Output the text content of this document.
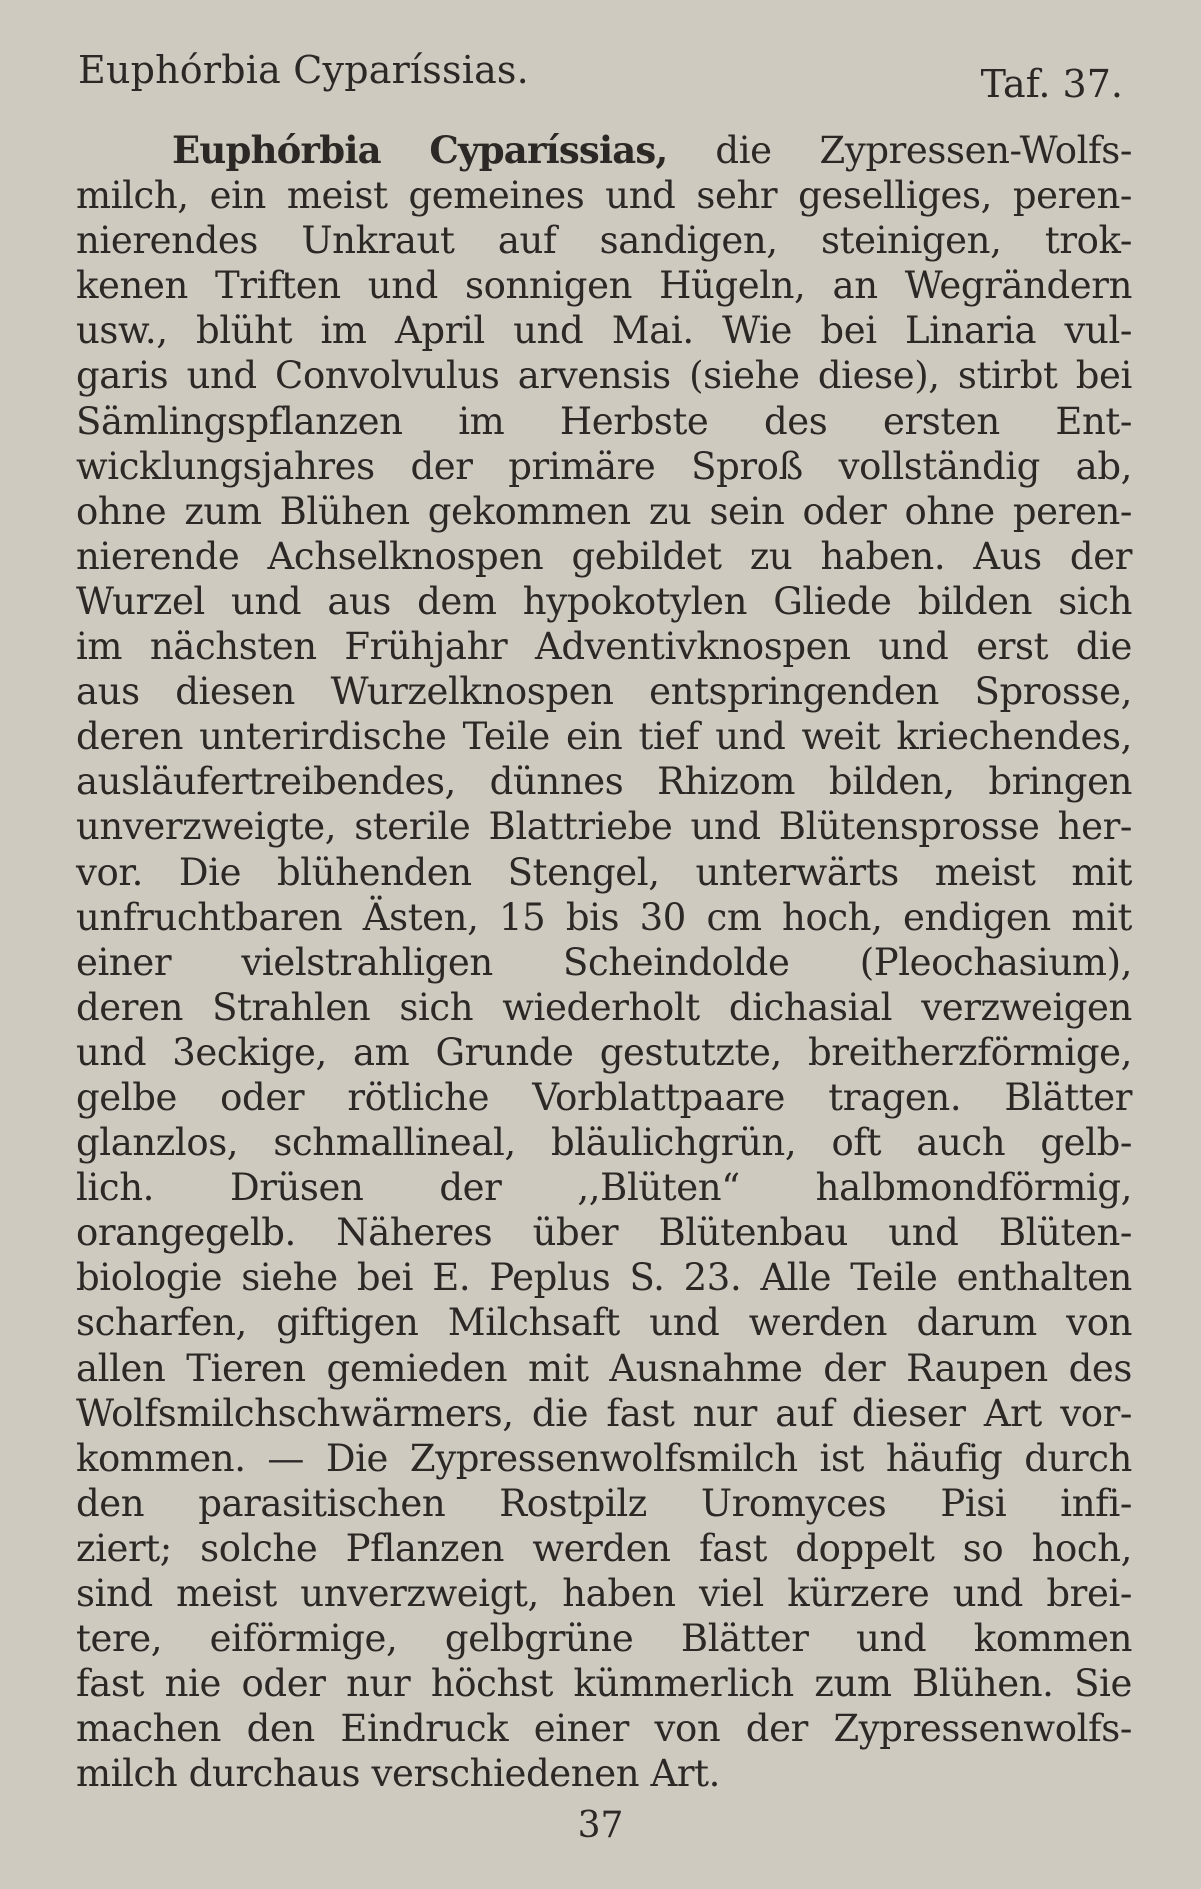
Euphórbia Cyparíssias.	Taf. 37.
Euphórbia Cyparíssias, die Zypressen-Wolfs-
milch, ein meist gemeines und sehr geselliges, peren-
nierendes Unkraut auf sandigen, steinigen, trok-
kenen Triften und sonnigen Hügeln, an Wegrändern
usw., blüht im April und Mai. Wie bei Linaria vul-
garis und Convolvulus arvensis (siehe diese), stirbt bei
Sämlingspflanzen im Herbste des ersten Ent-
wicklungsjahres der primäre Sproß vollständig ab,
ohne zum Blühen gekommen zu sein oder ohne peren-
nierende Achselknospen gebildet zu haben. Aus der
Wurzel und aus dem hypokotylen Gliede bilden sich
im nächsten Frühjahr Adventivknospen und erst die
aus diesen Wurzelknospen entspringenden Sprosse,
deren unterirdische Teile ein tief und weit kriechendes,
ausläufertreibendes, dünnes Rhizom bilden, bringen
unverzweigte, sterile Blattriebe und Blütensprosse her-
vor. Die blühenden Stengel, unterwärts meist mit
unfruchtbaren Ästen, 15 bis 30 cm hoch, endigen mit
einer vielstrahligen Scheindolde (Pleochasium),
deren Strahlen sich wiederholt dichasial verzweigen
und 3eckige, am Grunde gestutzte, breitherzförmige,
gelbe oder rötliche Vorblattpaare tragen. Blätter
glanzlos, schmallineal, bläulichgrün, oft auch gelb-
lich. Drüsen der ,,Blüten“ halbmondförmig,
orangegelb. Näheres über Blütenbau und Blüten-
biologie siehe bei E. Peplus S. 23. Alle Teile enthalten
scharfen, giftigen Milchsaft und werden darum von
allen Tieren gemieden mit Ausnahme der Raupen des
Wolfsmilchschwärmers, die fast nur auf dieser Art vor-
kommen. — Die Zypressenwolfsmilch ist häufig durch
den parasitischen Rostpilz Uromyces Pisi infi-
ziert; solche Pflanzen werden fast doppelt so hoch,
sind meist unverzweigt, haben viel kürzere und brei-
tere, eiförmige, gelbgrüne Blätter und kommen
fast nie oder nur höchst kümmerlich zum Blühen. Sie
machen den Eindruck einer von der Zypressenwolfs-
milch durchaus verschiedenen Art.
37
